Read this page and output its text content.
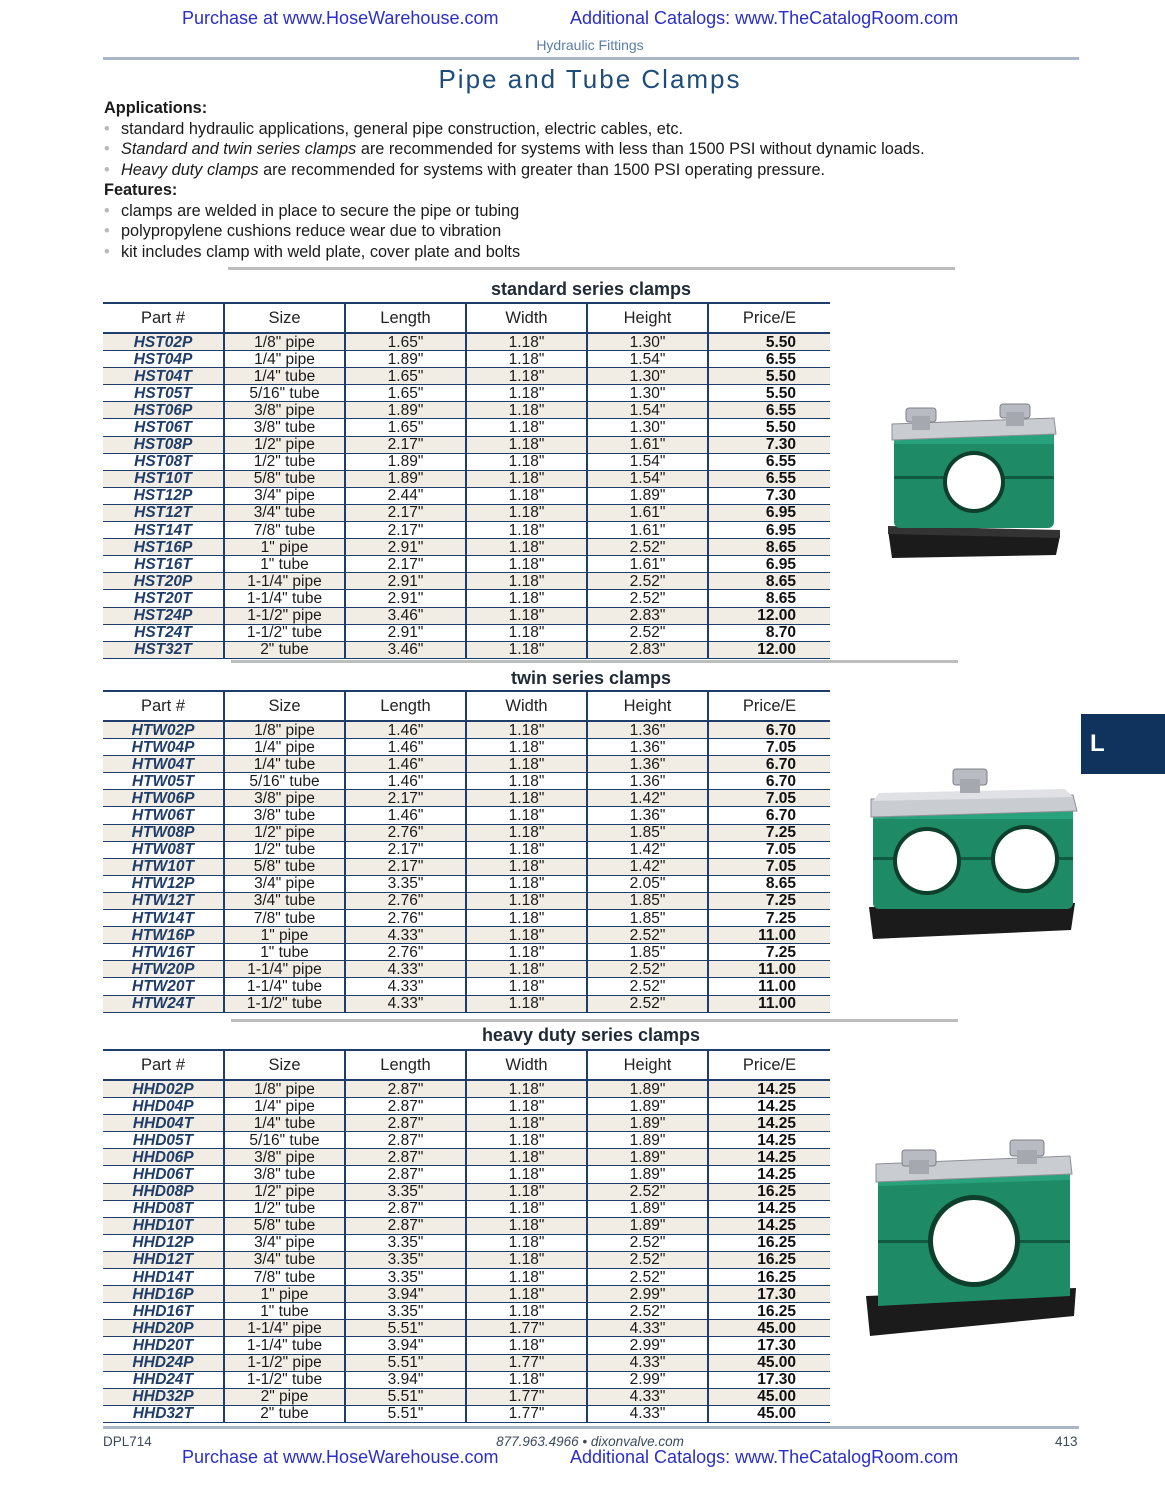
Purchase at www.HoseWarehouse.com	Additional Catalogs: www.TheCatalogRoom.com
Hydraulic Fittings
Pipe and Tube Clamps
Applications:
• standard hydraulic applications, general pipe construction, electric cables, etc.
• Standard and twin series clamps are recommended for systems with less than 1500 PSI without dynamic loads.
• Heavy duty clamps are recommended for systems with greater than 1500 PSI operating pressure.
Features:
• clamps are welded in place to secure the pipe or tubing
• polypropylene cushions reduce wear due to vibration
• kit includes clamp with weld plate, cover plate and bolts
standard series clamps
Part #	Size	Length	Width	Height	Price/E
HST02P	1/8" pipe	1.65"	1.18"	1.30"	5.50
HST04P	1/4" pipe	1.89"	1.18"	1.54"	6.55
HST04T	1/4" tube	1.65"	1.18"	1.30"	5.50
HST05T	5/16" tube	1.65"	1.18"	1.30"	5.50
HST06P	3/8" pipe	1.89"	1.18"	1.54"	6.55
HST06T	3/8" tube	1.65"	1.18"	1.30"	5.50
HST08P	1/2" pipe	2.17"	1.18"	1.61"	7.30
HST08T	1/2" tube	1.89"	1.18"	1.54"	6.55
HST10T	5/8" tube	1.89"	1.18"	1.54"	6.55
HST12P	3/4" pipe	2.44"	1.18"	1.89"	7.30
HST12T	3/4" tube	2.17"	1.18"	1.61"	6.95
HST14T	7/8" tube	2.17"	1.18"	1.61"	6.95
HST16P	1" pipe	2.91"	1.18"	2.52"	8.65
HST16T	1" tube	2.17"	1.18"	1.61"	6.95
HST20P	1-1/4" pipe	2.91"	1.18"	2.52"	8.65
HST20T	1-1/4" tube	2.91"	1.18"	2.52"	8.65
HST24P	1-1/2" pipe	3.46"	1.18"	2.83"	12.00
HST24T	1-1/2" tube	2.91"	1.18"	2.52"	8.70
HST32T	2" tube	3.46"	1.18"	2.83"	12.00
twin series clamps
Part #	Size	Length	Width	Height	Price/E
HTW02P	1/8" pipe	1.46"	1.18"	1.36"	6.70
HTW04P	1/4" pipe	1.46"	1.18"	1.36"	7.05
HTW04T	1/4" tube	1.46"	1.18"	1.36"	6.70
HTW05T	5/16" tube	1.46"	1.18"	1.36"	6.70
HTW06P	3/8" pipe	2.17"	1.18"	1.42"	7.05
HTW06T	3/8" tube	1.46"	1.18"	1.36"	6.70
HTW08P	1/2" pipe	2.76"	1.18"	1.85"	7.25
HTW08T	1/2" tube	2.17"	1.18"	1.42"	7.05
HTW10T	5/8" tube	2.17"	1.18"	1.42"	7.05
HTW12P	3/4" pipe	3.35"	1.18"	2.05"	8.65
HTW12T	3/4" tube	2.76"	1.18"	1.85"	7.25
HTW14T	7/8" tube	2.76"	1.18"	1.85"	7.25
HTW16P	1" pipe	4.33"	1.18"	2.52"	11.00
HTW16T	1" tube	2.76"	1.18"	1.85"	7.25
HTW20P	1-1/4" pipe	4.33"	1.18"	2.52"	11.00
HTW20T	1-1/4" tube	4.33"	1.18"	2.52"	11.00
HTW24T	1-1/2" tube	4.33"	1.18"	2.52"	11.00
heavy duty series clamps
Part #	Size	Length	Width	Height	Price/E
HHD02P	1/8" pipe	2.87"	1.18"	1.89"	14.25
HHD04P	1/4" pipe	2.87"	1.18"	1.89"	14.25
HHD04T	1/4" tube	2.87"	1.18"	1.89"	14.25
HHD05T	5/16" tube	2.87"	1.18"	1.89"	14.25
HHD06P	3/8" pipe	2.87"	1.18"	1.89"	14.25
HHD06T	3/8" tube	2.87"	1.18"	1.89"	14.25
HHD08P	1/2" pipe	3.35"	1.18"	2.52"	16.25
HHD08T	1/2" tube	2.87"	1.18"	1.89"	14.25
HHD10T	5/8" tube	2.87"	1.18"	1.89"	14.25
HHD12P	3/4" pipe	3.35"	1.18"	2.52"	16.25
HHD12T	3/4" tube	3.35"	1.18"	2.52"	16.25
HHD14T	7/8" tube	3.35"	1.18"	2.52"	16.25
HHD16P	1" pipe	3.94"	1.18"	2.99"	17.30
HHD16T	1" tube	3.35"	1.18"	2.52"	16.25
HHD20P	1-1/4" pipe	5.51"	1.77"	4.33"	45.00
HHD20T	1-1/4" tube	3.94"	1.18"	2.99"	17.30
HHD24P	1-1/2" pipe	5.51"	1.77"	4.33"	45.00
HHD24T	1-1/2" tube	3.94"	1.18"	2.99"	17.30
HHD32P	2" pipe	5.51"	1.77"	4.33"	45.00
HHD32T	2" tube	5.51"	1.77"	4.33"	45.00
L
DPL714	877.963.4966 • dixonvalve.com	413
Purchase at www.HoseWarehouse.com	Additional Catalogs: www.TheCatalogRoom.com
